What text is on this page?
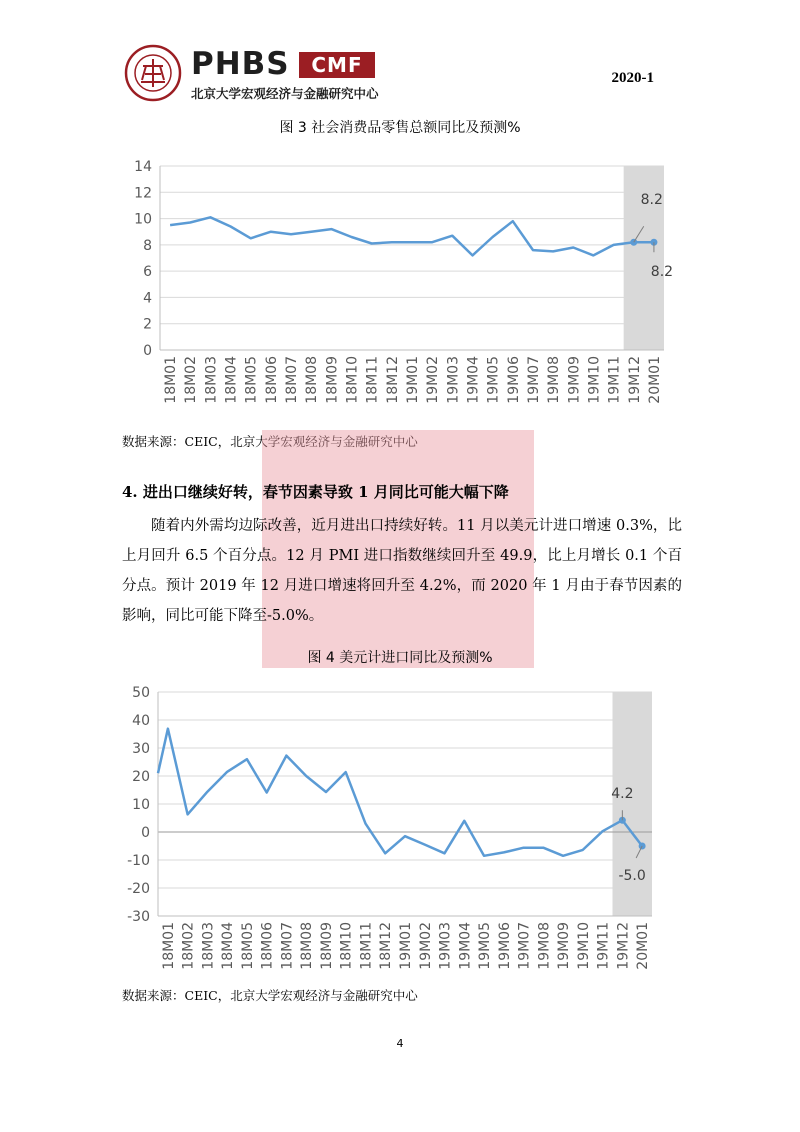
PHBS	CMF
北京大学宏观经济与金融研究中心
2020-1
图 3 社会消费品零售总额同比及预测%
0
2
4
6
8
10
12
14
18M01 18M02 18M03 18M04 18M05 18M06 18M07 18M08 18M09 18M10 18M11 18M12 19M01 19M02 19M03 19M04 19M05 19M06 19M07 19M08 19M09 19M10 19M11 19M12 20M01
8.2
8.2
数据来源：CEIC，北京大学宏观经济与金融研究中心
4. 进出口继续好转，春节因素导致 1 月同比可能大幅下降

随着内外需均边际改善，近月进出口持续好转。11 月以美元计进口增速 0.3%，比上月回升 6.5 个百分点。12 月 PMI 进口指数继续回升至 49.9，比上月增长 0.1 个百分点。预计 2019 年 12 月进口增速将回升至 4.2%，而 2020 年 1 月由于春节因素的影响，同比可能下降至-5.0%。

图 4 美元计进口同比及预测%
-30
-20
-10
0
10
20
30
40
50
18M01 18M02 18M03 18M04 18M05 18M06 18M07 18M08 18M09 18M10 18M11 18M12 19M01 19M02 19M03 19M04 19M05 19M06 19M07 19M08 19M09 19M10 19M11 19M12 20M01
4.2
-5.0
数据来源：CEIC，北京大学宏观经济与金融研究中心
4
